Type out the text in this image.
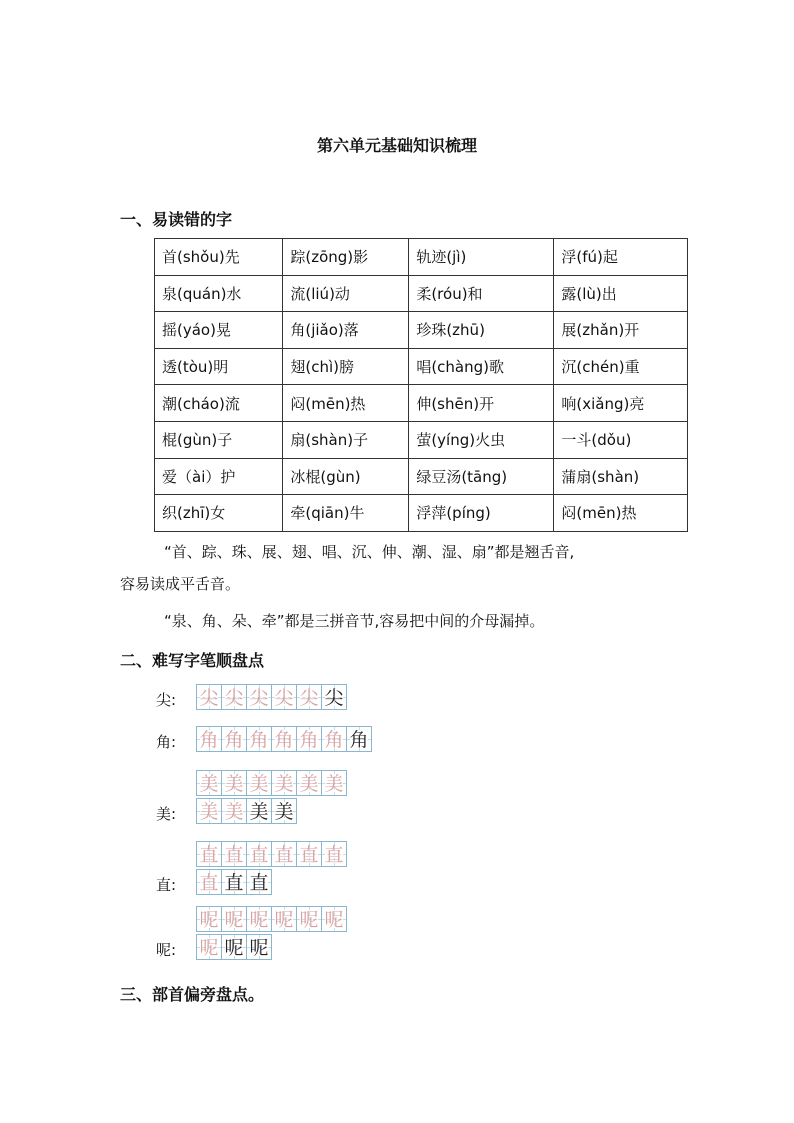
第六单元基础知识梳理
一、易读错的字
首(shǒu)先	踪(zōng)影	轨迹(jì)	浮(fú)起
泉(quán)水	流(liú)动	柔(róu)和	露(lù)出
摇(yáo)晃	角(jiǎo)落	珍珠(zhū)	展(zhǎn)开
透(tòu)明	翅(chì)膀	唱(chàng)歌	沉(chén)重
潮(cháo)流	闷(mēn)热	伸(shēn)开	响(xiǎng)亮
棍(gùn)子	扇(shàn)子	萤(yíng)火虫	一斗(dǒu)
爱（ài）护	冰棍(gùn)	绿豆汤(tāng)	蒲扇(shàn)
织(zhī)女	牵(qiān)牛	浮萍(píng)	闷(mēn)热
“首、踪、珠、展、翅、唱、沉、伸、潮、湿、扇”都是翘舌音,
容易读成平舌音。
“泉、角、朵、牵”都是三拼音节,容易把中间的介母漏掉。
二、难写字笔顺盘点
尖:	尖 尖 尖 尖 尖 尖
角:	角 角 角 角 角 角 角
美:
美 美 美 美 美 美
美 美 美 美
直:
直 直 直 直 直 直
直 直 直
呢:
呢 呢 呢 呢 呢 呢
呢 呢 呢
三、部首偏旁盘点。
